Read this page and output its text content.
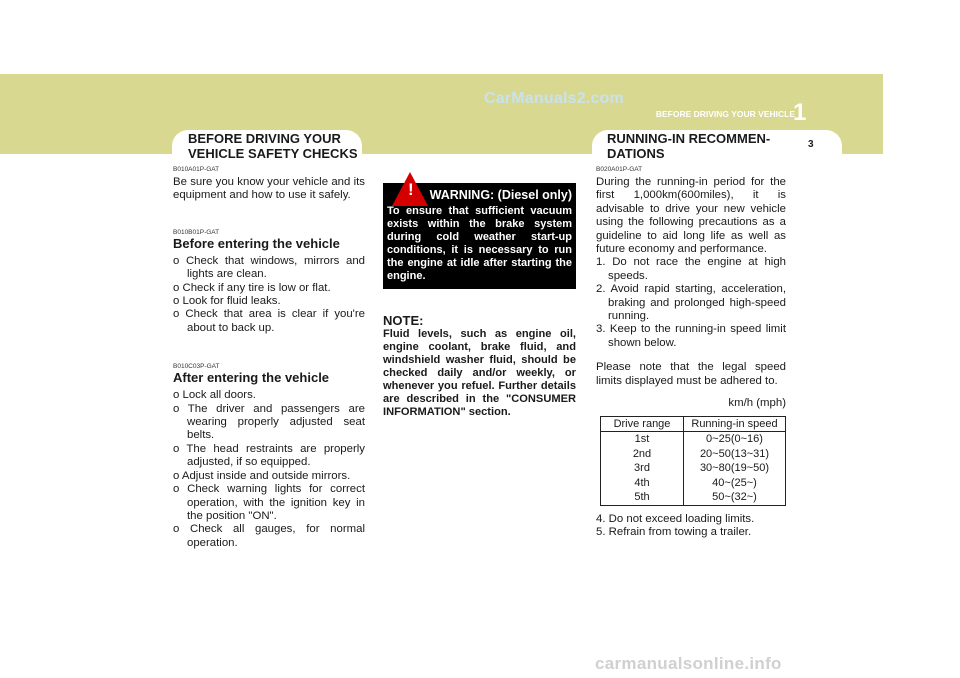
CarManuals2.com
BEFORE DRIVING YOUR VEHICLE
1
BEFORE DRIVING YOUR
VEHICLE SAFETY CHECKS
RUNNING-IN RECOMMEN-
DATIONS
3
B010A01P-GAT
Be sure you know your vehicle and its equipment and how to use it safely.
B010B01P-GAT
Before entering the vehicle
o Check that windows, mirrors and lights are clean.
o Check if any tire is low or flat.
o Look for fluid leaks.
o Check that area is clear if you're about to back up.
B010C03P-GAT
After entering the vehicle
o Lock all doors.
o The driver and passengers are wearing properly adjusted seat belts.
o The head restraints are properly adjusted, if so equipped.
o Adjust inside and outside mirrors.
o Check warning lights for correct operation, with the ignition key in the position "ON".
o Check all gauges, for normal operation.
!	WARNING: (Diesel only)
To ensure that sufficient vacuum exists within the brake system during cold weather start-up conditions, it is necessary to run the engine at idle after starting the engine.
NOTE:
Fluid levels, such as engine oil, engine coolant, brake fluid, and windshield washer fluid, should be checked daily and/or weekly, or whenever you refuel. Further details are described in the "CONSUMER INFORMATION" section.
B020A01P-GAT
During the running-in period for the first 1,000km(600miles), it is advisable to drive your new vehicle using the following precautions as a guideline to aid long life as well as future economy and performance.
1. Do not race the engine at high speeds.
2. Avoid rapid starting, acceleration, braking and prolonged high-speed running.
3. Keep to the running-in speed limit shown below.
Please note that the legal speed limits displayed must be adhered to.
km/h (mph)
Drive range	Running-in speed
1st	0~25(0~16)
2nd	20~50(13~31)
3rd	30~80(19~50)
4th	40~(25~)
5th	50~(32~)
4. Do not exceed loading limits.
5. Refrain from towing a trailer.
carmanualsonline.info
